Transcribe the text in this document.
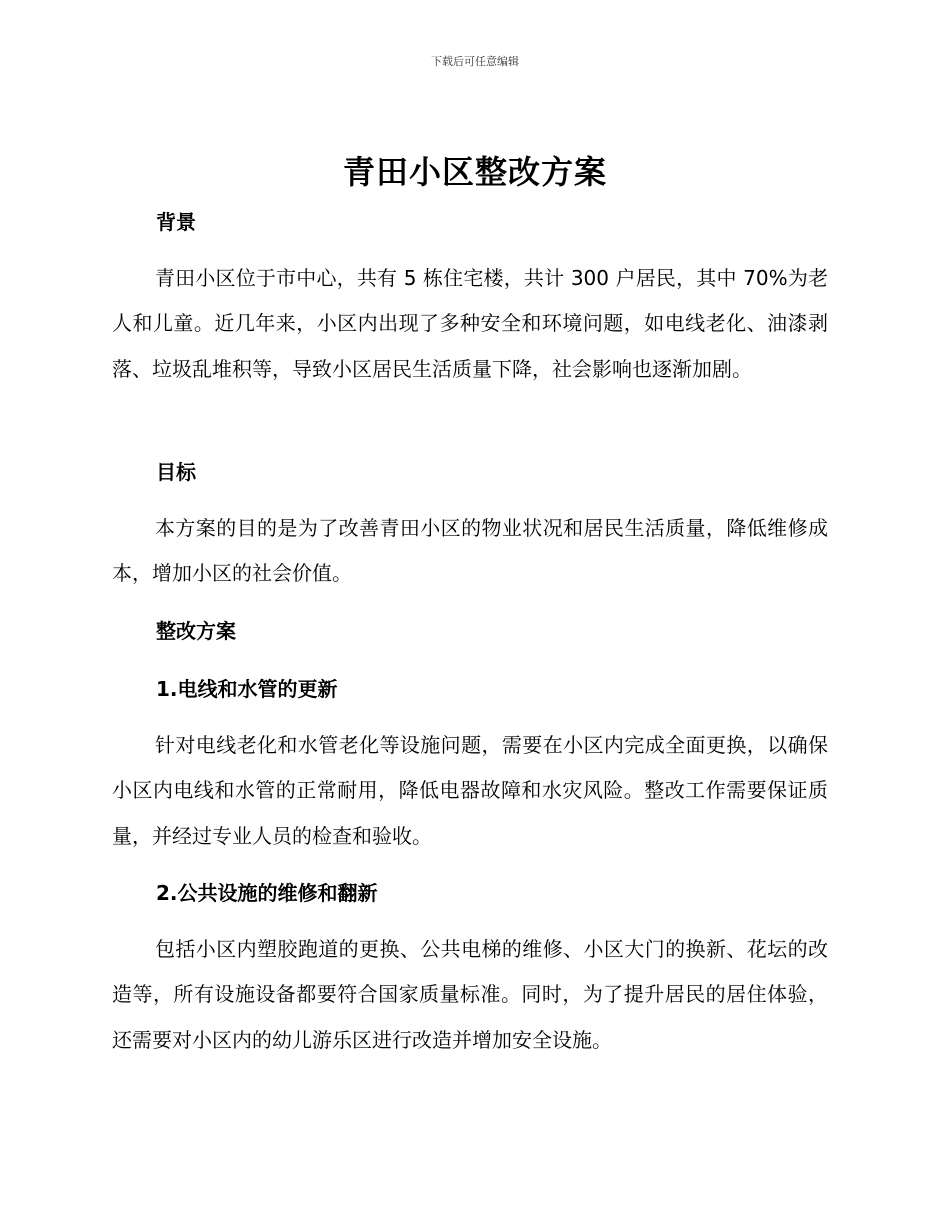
下载后可任意编辑
青田小区整改方案
背景

青田小区位于市中心，共有 5 栋住宅楼，共计 300 户居民，其中 70%为老人和儿童。近几年来，小区内出现了多种安全和环境问题，如电线老化、油漆剥落、垃圾乱堆积等，导致小区居民生活质量下降，社会影响也逐渐加剧。

目标

本方案的目的是为了改善青田小区的物业状况和居民生活质量，降低维修成本，增加小区的社会价值。

整改方案
1.电线和水管的更新

针对电线老化和水管老化等设施问题，需要在小区内完成全面更换，以确保小区内电线和水管的正常耐用，降低电器故障和水灾风险。整改工作需要保证质量，并经过专业人员的检查和验收。

2.公共设施的维修和翻新

包括小区内塑胶跑道的更换、公共电梯的维修、小区大门的换新、花坛的改造等，所有设施设备都要符合国家质量标准。同时，为了提升居民的居住体验，还需要对小区内的幼儿游乐区进行改造并增加安全设施。
